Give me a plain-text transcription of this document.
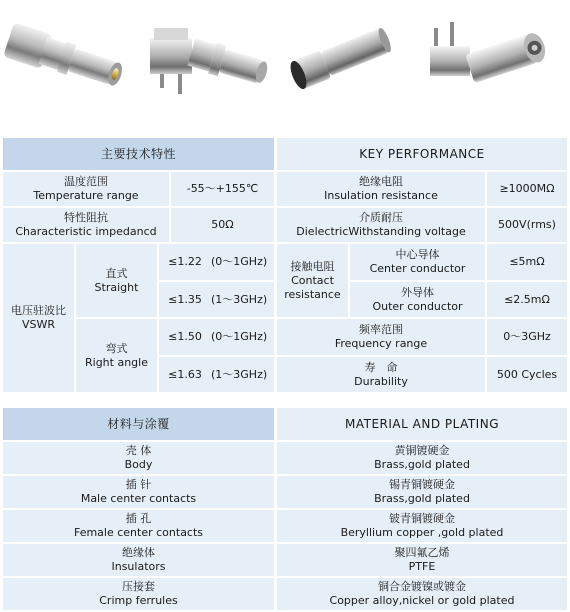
主要技术特性
温度范围
Temperature range
-55～+155℃
特性阻抗
Characteristic impedancd
50Ω
电压驻波比
VSWR
直式
Straight
弯式
Right angle
≤1.22 (0～1GHz)
≤1.35 (1～3GHz)
≤1.50 (0～1GHz)
≤1.63 (1～3GHz)
KEY PERFORMANCE
绝缘电阻
Insulation resistance
≥1000MΩ
介质耐压
DielectricWithstanding voltage
500V(rms)
接触电阻
Contact resistance
中心导体
Center conductor
≤5mΩ
外导体
Outer conductor
≤2.5mΩ
频率范围
Frequency range
0～3GHz
寿　命
Durability
500 Cycles
材料与涂覆	MATERIAL AND PLATING
壳 体
Body
黄铜镀硬金
Brass,gold plated
插 针
Male center contacts
锡青铜镀硬金
Brass,gold plated
插 孔
Female center contacts
铍青铜镀硬金
Beryllium copper ,gold plated
绝缘体
Insulators
聚四氟乙烯
PTFE
压接套
Crimp ferrules
铜合金镀镍或镀金
Copper alloy,nickel or gold plated
